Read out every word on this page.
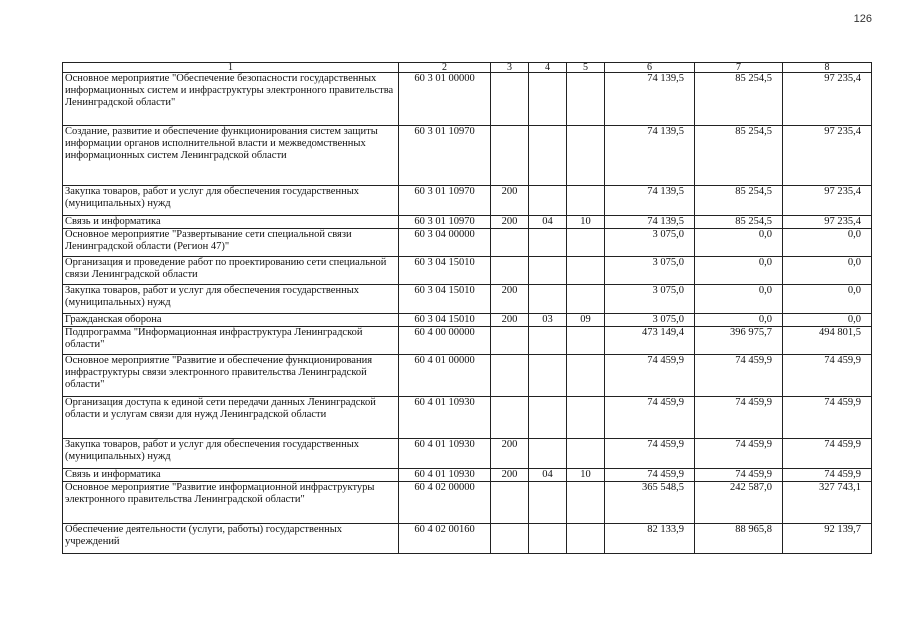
126
1	2	3	4	5	6	7	8
Основное мероприятие "Обеспечение безопасности государственных информационных систем и инфраструктуры электронного правительства Ленинградской области"	60 3 01 00000				74 139,5	85 254,5	97 235,4
Создание, развитие и обеспечение функционирования систем защиты информации органов исполнительной власти и межведомственных информационных систем Ленинградской области	60 3 01 10970				74 139,5	85 254,5	97 235,4
Закупка товаров, работ и услуг для обеспечения государственных (муниципальных) нужд	60 3 01 10970	200			74 139,5	85 254,5	97 235,4
Связь и информатика	60 3 01 10970	200	04	10	74 139,5	85 254,5	97 235,4
Основное мероприятие "Развертывание сети специальной связи Ленинградской области (Регион 47)"	60 3 04 00000				3 075,0	0,0	0,0
Организация и проведение работ по проектированию сети специальной связи Ленинградской области	60 3 04 15010				3 075,0	0,0	0,0
Закупка товаров, работ и услуг для обеспечения государственных (муниципальных) нужд	60 3 04 15010	200			3 075,0	0,0	0,0
Гражданская оборона	60 3 04 15010	200	03	09	3 075,0	0,0	0,0
Подпрограмма "Информационная инфраструктура Ленинградской области"	60 4 00 00000				473 149,4	396 975,7	494 801,5
Основное мероприятие "Развитие и обеспечение функционирования инфраструктуры связи электронного правительства Ленинградской области"	60 4 01 00000				74 459,9	74 459,9	74 459,9
Организация доступа к единой сети передачи данных Ленинградской области и услугам связи для нужд Ленинградской области	60 4 01 10930				74 459,9	74 459,9	74 459,9
Закупка товаров, работ и услуг для обеспечения государственных (муниципальных) нужд	60 4 01 10930	200			74 459,9	74 459,9	74 459,9
Связь и информатика	60 4 01 10930	200	04	10	74 459,9	74 459,9	74 459,9
Основное мероприятие "Развитие информационной инфраструктуры электронного правительства Ленинградской области"	60 4 02 00000				365 548,5	242 587,0	327 743,1
Обеспечение деятельности (услуги, работы) государственных учреждений	60 4 02 00160				82 133,9	88 965,8	92 139,7
